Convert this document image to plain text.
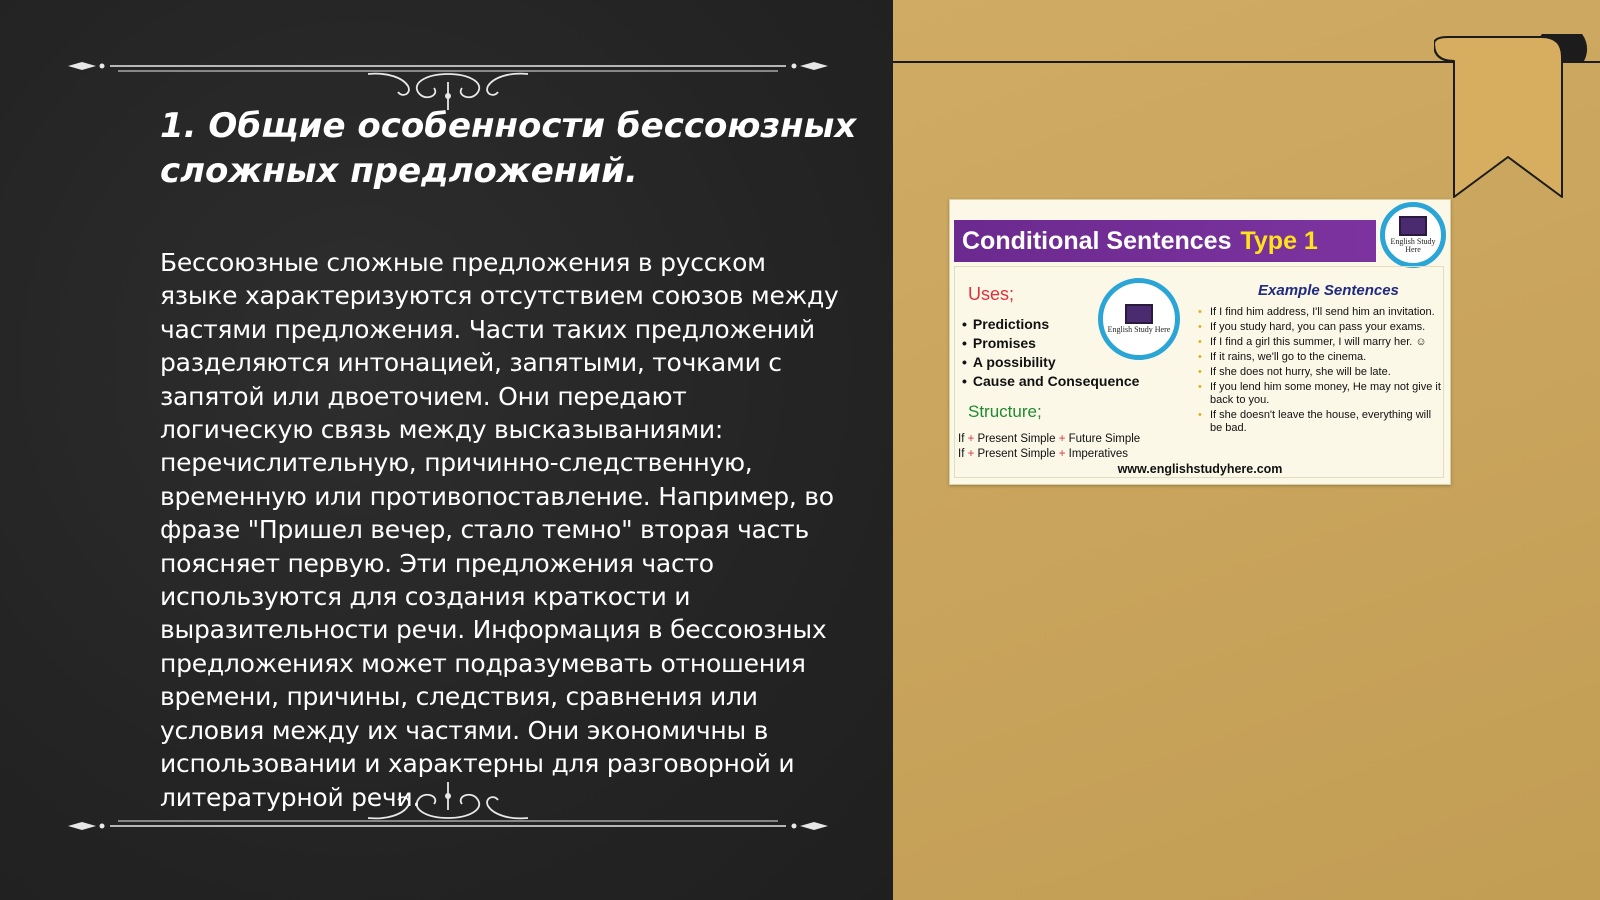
1. Общие особенности бессоюзных сложных предложений.

Бессоюзные сложные предложения в русском языке характеризуются отсутствием союзов между частями предложения. Части таких предложений разделяются интонацией, запятыми, точками с запятой или двоеточием. Они передают логическую связь между высказываниями: перечислительную, причинно-следственную, временную или противопоставление. Например, во фразе "Пришел вечер, стало темно" вторая часть поясняет первую. Эти предложения часто используются для создания краткости и выразительности речи. Информация в бессоюзных предложениях может подразумевать отношения времени, причины, следствия, сравнения или условия между их частями. Они экономичны в использовании и характерны для разговорной и литературной речи.

Conditional Sentences Type 1	English Study Here
Uses;
• Predictions
• Promises
• A possibility
• Cause and Consequence
English Study Here
Structure;
If + Present Simple + Future Simple
If + Present Simple + Imperatives
Example Sentences
• If I find him address, I'll send him an invitation.
• If you study hard, you can pass your exams.
• If I find a girl this summer, I will marry her. ☺
• If it rains, we'll go to the cinema.
• If she does not hurry, she will be late.
• If you lend him some money, He may not give it back to you.
• If she doesn't leave the house, everything will be bad.
www.englishstudyhere.com
